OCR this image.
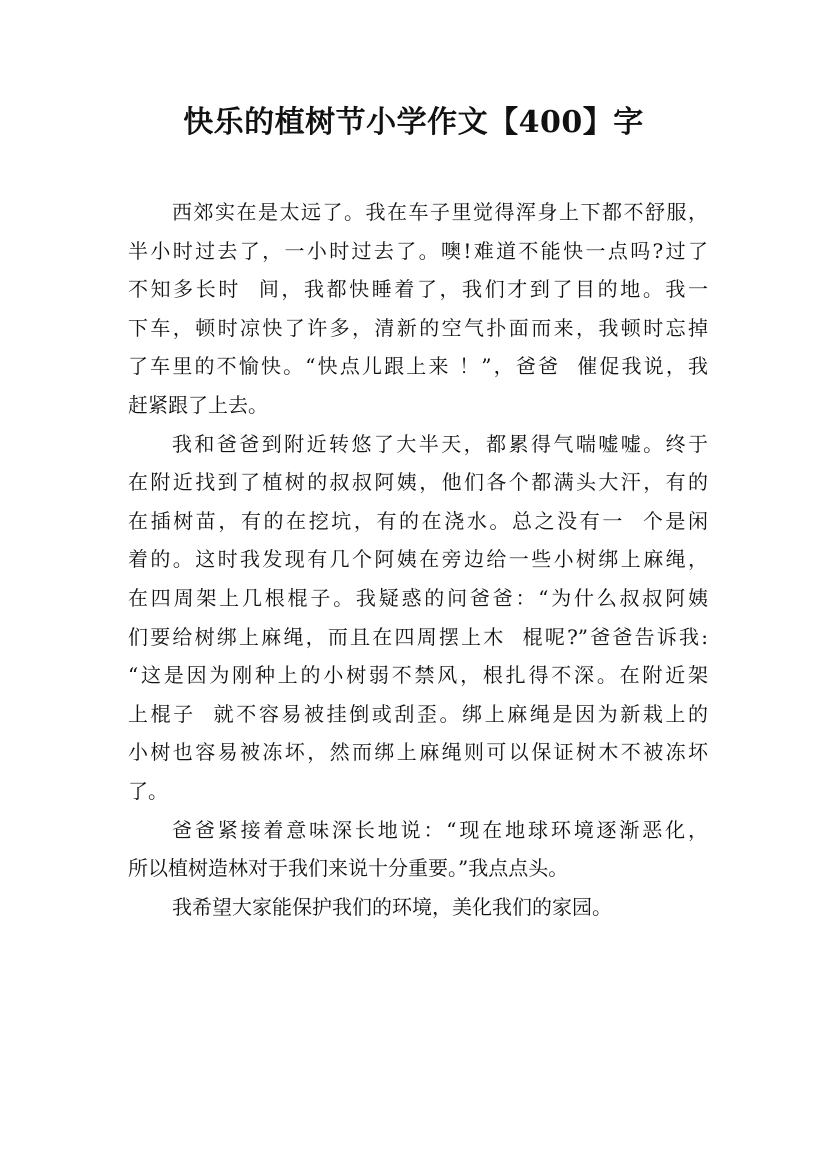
快乐的植树节小学作文【400】字
西郊实在是太远了。我在车子里觉得浑身上下都不舒服，
半小时过去了，一小时过去了。噢!难道不能快一点吗?过了
不知多长时  间，我都快睡着了，我们才到了目的地。我一
下车，顿时凉快了许多，清新的空气扑面而来，我顿时忘掉
了车里的不愉快。“快点儿跟上来 ！”，爸爸  催促我说，我
赶紧跟了上去。
我和爸爸到附近转悠了大半天，都累得气喘嘘嘘。终于
在附近找到了植树的叔叔阿姨，他们各个都满头大汗，有的
在插树苗，有的在挖坑，有的在浇水。总之没有一  个是闲
着的。这时我发现有几个阿姨在旁边给一些小树绑上麻绳，
在四周架上几根棍子。我疑惑的问爸爸：“为什么叔叔阿姨
们要给树绑上麻绳，而且在四周摆上木  棍呢?”爸爸告诉我:
“这是因为刚种上的小树弱不禁风，根扎得不深。在附近架
上棍子  就不容易被挂倒或刮歪。绑上麻绳是因为新栽上的
小树也容易被冻坏，然而绑上麻绳则可以保证树木不被冻坏
了。
爸爸紧接着意味深长地说：“现在地球环境逐渐恶化，
所以植树造林对于我们来说十分重要。”我点点头。
我希望大家能保护我们的环境，美化我们的家园。
